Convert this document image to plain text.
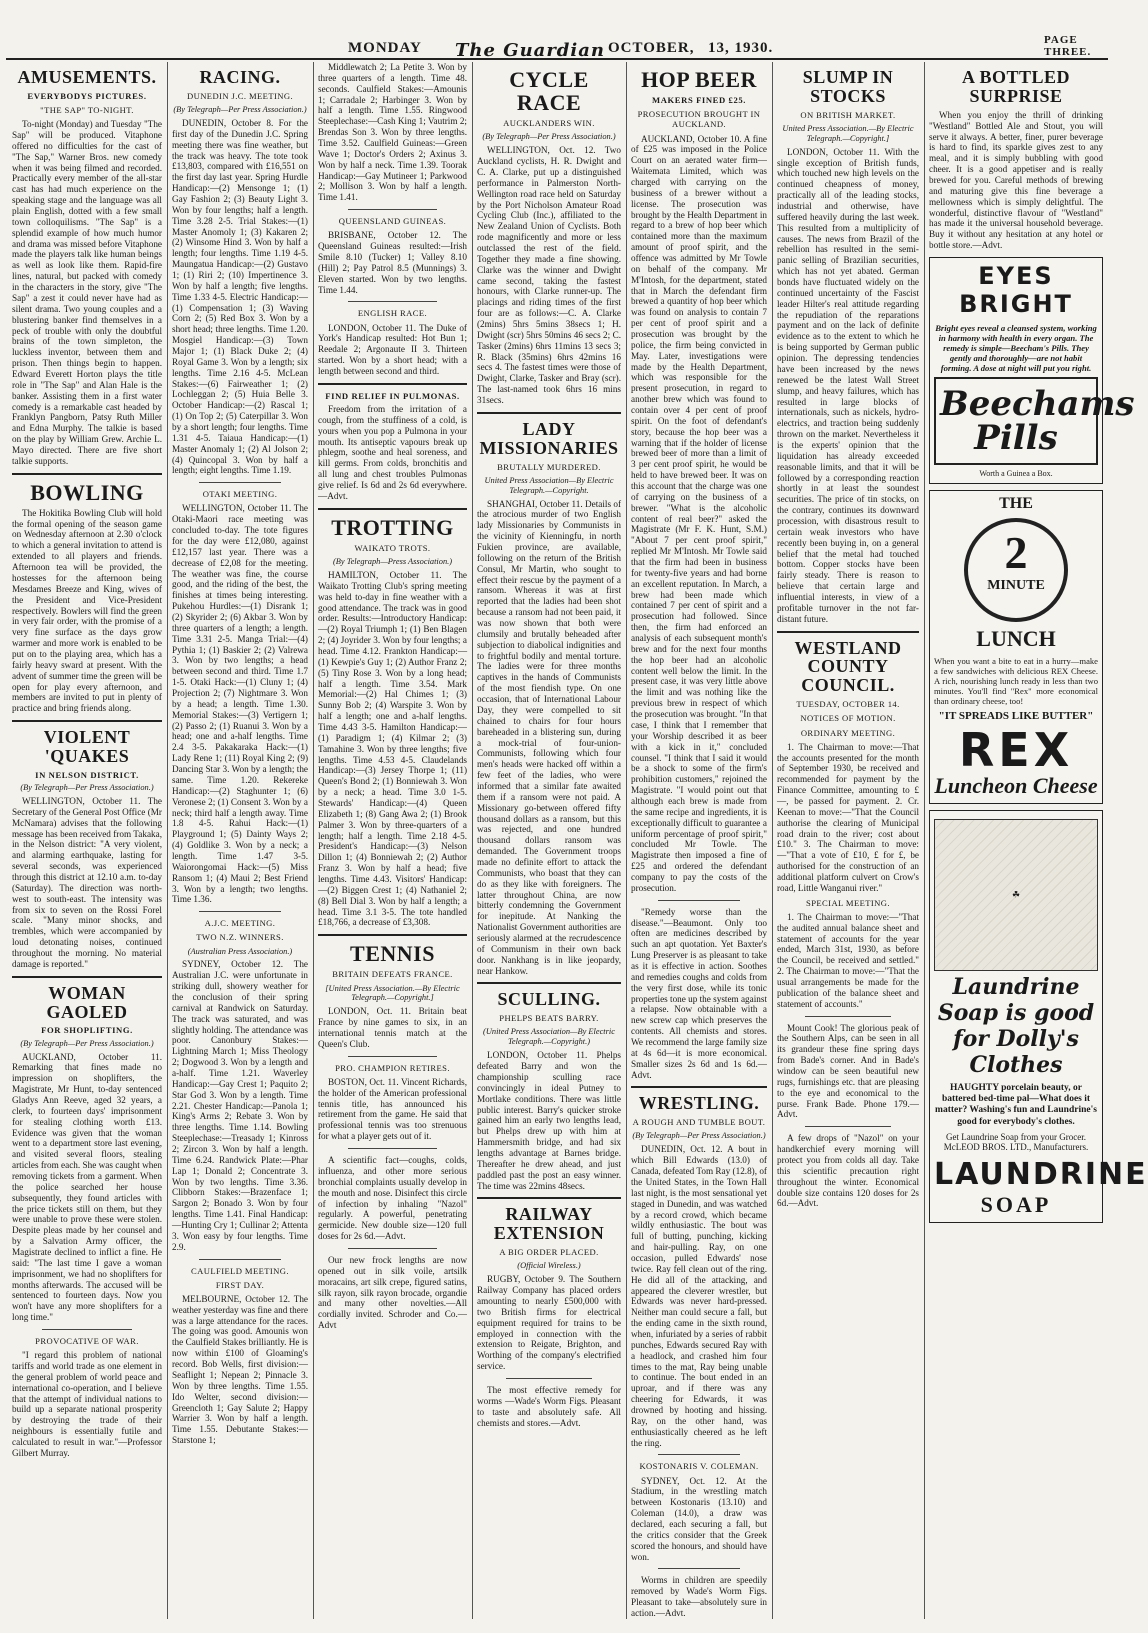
MONDAY The Guardian OCTOBER, 13, 1930.	PAGE THREE.
AMUSEMENTS.
EVERYBODYS PICTURES.
"THE SAP" TO-NIGHT.

To-night (Monday) and Tuesday "The Sap" will be produced. Vitaphone offered no difficulties for the cast of "The Sap," Warner Bros. new comedy when it was being filmed and recorded. Practically every member of the all-star cast has had much experience on the speaking stage and the language was all plain English, dotted with a few small town colloquilisms. "The Sap" is a splendid example of how much humor and drama was missed before Vitaphone made the players talk like human beings as well as look like them. Rapid-fire lines, natural, but packed with comedy in the characters in the story, give "The Sap" a zest it could never have had as silent drama. Two young couples and a blustering banker find themselves in a peck of trouble with only the doubtful brains of the town simpleton, the luckless inventor, between them and prison. Then things begin to happen. Edward Everett Horton plays the title role in "The Sap" and Alan Hale is the banker. Assisting them in a first water comedy is a remarkable cast headed by Franklyn Pangborn, Patsy Ruth Miller and Edna Murphy. The talkie is based on the play by William Grew. Archie L. Mayo directed. There are five short talkie supports.

BOWLING

The Hokitika Bowling Club will hold the formal opening of the season game on Wednesday afternoon at 2.30 o'clock to which a general invitation to attend is extended to all players and friends. Afternoon tea will be provided, the hostesses for the afternoon being Mesdames Breeze and King, wives of the President and Vice-President respectively. Bowlers will find the green in very fair order, with the promise of a very fine surface as the days grow warmer and more work is enabled to be put on to the playing area, which has a fairly heavy sward at present. With the advent of summer time the green will be open for play every afternoon, and members are invited to put in plenty of practice and bring friends along.

VIOLENT 'QUAKES
IN NELSON DISTRICT.
(By Telegraph—Per Press Association.)

WELLINGTON, October 11. The Secretary of the General Post Office (Mr McNamara) advises that the following message has been received from Takaka, in the Nelson district: "A very violent, and alarming earthquake, lasting for several seconds, was experienced through this district at 12.10 a.m. to-day (Saturday). The direction was north-west to south-east. The intensity was from six to seven on the Rossi Forel scale. "Many minor shocks, and trembles, which were accompanied by loud detonating noises, continued throughout the morning. No material damage is reported."

WOMAN GAOLED
FOR SHOPLIFTING.
(By Telegraph—Per Press Association.)

AUCKLAND, October 11. Remarking that fines made no impression on shoplifters, the Magistrate, Mr Hunt, to-day sentenced Gladys Ann Reeve, aged 32 years, a clerk, to fourteen days' imprisonment for stealing clothing worth £13. Evidence was given that the woman went to a department store last evening, and visited several floors, stealing articles from each. She was caught when removing tickets from a garment. When the police searched her house subsequently, they found articles with the price tickets still on them, but they were unable to prove these were stolen. Despite pleas made by her counsel and by a Salvation Army officer, the Magistrate declined to inflict a fine. He said: "The last time I gave a woman imprisonment, we had no shoplifters for months afterwards. The accused will be sentenced to fourteen days. Now you won't have any more shoplifters for a long time."

PROVOCATIVE OF WAR.

"I regard this problem of national tariffs and world trade as one element in the general problem of world peace and international co-operation, and I believe that the attempt of individual nations to build up a separate national prosperity by destroying the trade of their neighbours is essentially futile and calculated to result in war."—Professor Gilbert Murray.

RACING.
DUNEDIN J.C. MEETING.
(By Telegraph—Per Press Association.)

DUNEDIN, October 8. For the first day of the Dunedin J.C. Spring meeting there was fine weather, but the track was heavy. The tote took £13,803, compared with £16,551 on the first day last year. Spring Hurdle Handicap:—(2) Mensonge 1; (1) Gay Fashion 2; (3) Beauty Light 3. Won by four lengths; half a length. Time 3.28 2-5. Trial Stakes:—(1) Master Anomoly 1; (3) Kakaren 2; (2) Winsome Hind 3. Won by half a length; four lengths. Time 1.19 4-5. Maungatua Handicap:—(2) Gustavo 1; (1) Riri 2; (10) Impertinence 3. Won by half a length; five lengths. Time 1.33 4-5. Electric Handicap:—(1) Compensation 1; (3) Waving Corn 2; (5) Red Box 3. Won by a short head; three lengths. Time 1.20. Mosgiel Handicap:—(3) Town Major 1; (1) Black Duke 2; (4) Royal Game 3. Won by a length; six lengths. Time 2.16 4-5. McLean Stakes:—(6) Fairweather 1; (2) Lochleggan 2; (5) Huia Belle 3. October Handicap:—(2) Rascal 1; (1) On Top 2; (5) Caterpillar 3. Won by a short length; four lengths. Time 1.31 4-5. Taiaua Handicap:—(1) Master Anomaly 1; (2) Al Jolson 2; (4) Quincopal 3. Won by half a length; eight lengths. Time 1.19.

OTAKI MEETING.

WELLINGTON, October 11. The Otaki-Maori race meeting was concluded to-day. The tote figures for the day were £12,080, against £12,157 last year. There was a decrease of £2,08 for the meeting. The weather was fine, the course good, and the riding of the best, the finishes at times being interesting. Pukehou Hurdles:—(1) Disrank 1; (2) Skyrider 2; (6) Akbar 3. Won by three quarters of a length; a length. Time 3.31 2-5. Manga Trial:—(4) Pythia 1; (1) Baskier 2; (2) Valrewa 3. Won by two lengths; a head between second and third. Time 1.7 1-5. Otaki Hack:—(1) Cluny 1; (4) Projection 2; (7) Nightmare 3. Won by a head; a length. Time 1.30. Memorial Stakes:—(3) Vertigern 1; (2) Passo 2; (1) Ruanui 3. Won by a head; one and a-half lengths. Time 2.4 3-5. Pakakaraka Hack:—(1) Lady Rene 1; (11) Royal King 2; (9) Dancing Star 3. Won by a length; the same. Time 1.20. Rekereke Handicap:—(2) Staghunter 1; (6) Veronese 2; (1) Consent 3. Won by a neck; third half a length away. Time 1.8 4-5. Rahui Hack:—(1) Playground 1; (5) Dainty Ways 2; (4) Goldlike 3. Won by a neck; a length. Time 1.47 3-5. Waiorongomai Hack:—(5) Miss Ransom 1; (4) Maui 2; Best Friend 3. Won by a length; two lengths. Time 1.36.

A.J.C. MEETING.
TWO N.Z. WINNERS.
(Australian Press Association.)

SYDNEY, October 12. The Australian J.C. were unfortunate in striking dull, showery weather for the conclusion of their spring carnival at Randwick on Saturday. The track was saturated, and was slightly holding. The attendance was poor. Canonbury Stakes:—Lightning March 1; Miss Theology 2; Dogwood 3. Won by a length and a-half. Time 1.21. Waverley Handicap:—Gay Crest 1; Paquito 2; Star God 3. Won by a length. Time 2.21. Chester Handicap:—Panola 1; King's Arms 2; Rebate 3. Won by three lengths. Time 1.14. Bowling Steeplechase:—Treasady 1; Kinross 2; Zircon 3. Won by half a length. Time 6.24. Randwick Plate:—Phar Lap 1; Donald 2; Concentrate 3. Won by two lengths. Time 3.36. Clibborn Stakes:—Brazenface 1; Sargon 2; Bonado 3. Won by four lengths. Time 1.41. Final Handicap:—Hunting Cry 1; Cullinar 2; Attenta 3. Won easy by four lengths. Time 2.9.

CAULFIELD MEETING.
FIRST DAY.

MELBOURNE, October 12. The weather yesterday was fine and there was a large attendance for the races. The going was good. Amounis won the Caulfield Stakes brilliantly. He is now within £100 of Gloaming's record. Bob Wells, first division:—Seaflight 1; Nepean 2; Pinnacle 3. Won by three lengths. Time 1.55. Ido Welter, second division:—Greencloth 1; Gay Salute 2; Happy Warrier 3. Won by half a length. Time 1.55. Debutante Stakes:—Starstone 1;

Middlewatch 2; La Petite 3. Won by three quarters of a length. Time 48. seconds. Caulfield Stakes:—Amounis 1; Carradale 2; Harbinger 3. Won by half a length. Time 1.55. Ringwood Steeplechase:—Cash King 1; Vautrim 2; Brendas Son 3. Won by three lengths. Time 3.52. Caulfield Guineas:—Green Wave 1; Doctor's Orders 2; Axinus 3. Won by half a neck. Time 1.39. Toorak Handicap:—Gay Mutineer 1; Parkwood 2; Mollison 3. Won by half a length. Time 1.41.

QUEENSLAND GUINEAS.

BRISBANE, October 12. The Queensland Guineas resulted:—Irish Smile 8.10 (Tucker) 1; Valley 8.10 (Hill) 2; Pay Patrol 8.5 (Munnings) 3. Eleven started. Won by two lengths. Time 1.44.

ENGLISH RACE.

LONDON, October 11. The Duke of York's Handicap resulted: Hot Bun 1; Reedale 2; Argonaute II 3. Thirteen started. Won by a short head; with a length between second and third.

FIND RELIEF IN PULMONAS.

Freedom from the irritation of a cough, from the stuffiness of a cold, is yours when you pop a Pulmona in your mouth. Its antiseptic vapours break up phlegm, soothe and heal soreness, and kill germs. From colds, bronchitis and all lung and chest troubles Pulmonas give relief. Is 6d and 2s 6d everywhere.—Advt.

TROTTING
WAIKATO TROTS.
(By Telegraph—Press Association.)

HAMILTON, October 11. The Waikato Trotting Club's spring meeting was held to-day in fine weather with a good attendance. The track was in good order. Results:—Introductory Handicap:—(2) Royal Triumph 1; (1) Ben Blagen 2; (4) Joyrider 3. Won by four lengths; a head. Time 4.12. Frankton Handicap:—(1) Kewpie's Guy 1; (2) Author Franz 2; (5) Tiny Rose 3. Won by a long head; half a length. Time 3.54. Mark Memorial:—(2) Hal Chimes 1; (3) Sunny Bob 2; (4) Warspite 3. Won by half a length; one and a-half lengths. Time 4.43 3-5. Hamilton Handicap:—(1) Paradigm 1; (4) Kilmar 2; (3) Tamahine 3. Won by three lengths; five lengths. Time 4.53 4-5. Claudelands Handicap:—(3) Jersey Thorpe 1; (11) Queen's Bond 2; (1) Bonniewah 3. Won by a neck; a head. Time 3.0 1-5. Stewards' Handicap:—(4) Queen Elizabeth 1; (8) Gang Awa 2; (1) Brook Palmer 3. Won by three-quarters of a length; half a length. Time 2.18 4-5. President's Handicap:—(3) Nelson Dillon 1; (4) Bonniewah 2; (2) Author Franz 3. Won by half a head; five lengths. Time 4.43. Visitors' Handicap:—(2) Biggen Crest 1; (4) Nathaniel 2; (8) Bell Dial 3. Won by half a length; a head. Time 3.1 3-5. The tote handled £18,766, a decrease of £3,308.

TENNIS
BRITAIN DEFEATS FRANCE.
[United Press Association.—By Electric Telegraph.—Copyright.]

LONDON, Oct. 11. Britain beat France by nine games to six, in an international tennis match at the Queen's Club.

PRO. CHAMPION RETIRES.

BOSTON, Oct. 11. Vincent Richards, the holder of the American professional tennis title, has announced his retirement from the game. He said that professional tennis was too strenuous for what a player gets out of it.

A scientific fact—coughs, colds, influenza, and other more serious bronchial complaints usually develop in the mouth and nose. Disinfect this circle of infection by inhaling "Nazol" regularly. A powerful, penetrating germicide. New double size—120 full doses for 2s 6d.—Advt.

Our new frock lengths are now opened out in silk voile, artsilk moracains, art silk crepe, figured satins, silk rayon, silk rayon brocade, organdie and many other novelties.—All cordially invited. Schroder and Co.—Advt

CYCLE RACE
AUCKLANDERS WIN.
(By Telegraph—Per Press Association.)

WELLINGTON, Oct. 12. Two Auckland cyclists, H. R. Dwight and C. A. Clarke, put up a distinguished performance in Palmerston North-Wellington road race held on Saturday by the Port Nicholson Amateur Road Cycling Club (Inc.), affiliated to the New Zealand Union of Cyclists. Both rode magnificently and more or less outclassed the rest of the field. Together they made a fine showing. Clarke was the winner and Dwight came second, taking the fastest honours, with Clarke runner-up. The placings and riding times of the first four are as follows:—C. A. Clarke (2mins) 5hrs 5mins 38secs 1; H. Dwight (scr) 5hrs 50mins 46 secs 2; C. Tasker (2mins) 6hrs 11mins 13 secs 3; R. Black (35mins) 6hrs 42mins 16 secs 4. The fastest times were those of Dwight, Clarke, Tasker and Bray (scr). The last-named took 6hrs 16 mins 31secs.

LADY MISSIONARIES
BRUTALLY MURDERED.
United Press Association—By Electric Telegraph.—Copyright.

SHANGHAI, October 11. Details of the atrocious murder of two English lady Missionaries by Communists in the vicinity of Kienningfu, in north Fukien province, are available, following on the return of the British Consul, Mr Martin, who sought to effect their rescue by the payment of a ransom. Whereas it was at first reported that the ladies had been shot because a ransom had not been paid, it was now shown that both were clumsily and brutally beheaded after subjection to diabolical indignities and to frightful bodily and mental torture. The ladies were for three months captives in the hands of Communists of the most fiendish type. On one occasion, that of International Labour Day, they were compelled to sit chained to chairs for four hours bareheaded in a blistering sun, during a mock-trial of four-union-Communists, following which four men's heads were hacked off within a few feet of the ladies, who were informed that a similar fate awaited them if a ransom were not paid. A Missionary go-between offered fifty thousand dollars as a ransom, but this was rejected, and one hundred thousand dollars ransom was demanded. The Government troops made no definite effort to attack the Communists, who boast that they can do as they like with foreigners. The latter throughout China, are now bitterly condemning the Government for inepitude. At Nanking the Nationalist Government authorities are seriously alarmed at the recrudescence of Communism in their own back door. Nankhang is in like jeopardy, near Hankow.

SCULLING.
PHELPS BEATS BARRY.
(United Press Association—By Electric Telegraph.—Copyright.)

LONDON, October 11. Phelps defeated Barry and won the championship sculling race convincingly in ideal Putney to Mortlake conditions. There was little public interest. Barry's quicker stroke gained him an early two lengths lead, but Phelps drew up with him at Hammersmith bridge, and had six lengths advantage at Barnes bridge. Thereafter he drew ahead, and just paddled past the post an easy winner. The time was 22mins 48secs.

RAILWAY EXTENSION
A BIG ORDER PLACED.
(Official Wireless.)

RUGBY, October 9. The Southern Railway Company has placed orders amounting to nearly £500,000 with two British firms for electrical equipment required for trains to be employed in connection with the extension to Reigate, Brighton, and Worthing of the company's electrified service.

The most effective remedy for worms —Wade's Worm Figs. Pleasant to taste and absolutely safe. All chemists and stores.—Advt.

HOP BEER
MAKERS FINED £25.
PROSECUTION BROUGHT IN AUCKLAND.

AUCKLAND, October 10. A fine of £25 was imposed in the Police Court on an aerated water firm—Waitemata Limited, which was charged with carrying on the business of a brewer without a license. The prosecution was brought by the Health Department in regard to a brew of hop beer which contained more than the maximum amount of proof spirit, and the offence was admitted by Mr Towle on behalf of the company. Mr M'Intosh, for the department, stated that in March the defendant firm brewed a quantity of hop beer which was found on analysis to contain 7 per cent of proof spirit and a prosecution was brought by the police, the firm being convicted in May. Later, investigations were made by the Health Department, which was responsible for the present prosecution, in regard to another brew which was found to contain over 4 per cent of proof spirit. On the foot of defendant's story, because the hop beer was a warning that if the holder of license brewed beer of more than a limit of 3 per cent proof spirit, he would be held to have brewed beer. It was on this account that the charge was one of carrying on the business of a brewer. "What is the alcoholic content of real beer?" asked the Magistrate (Mr F. K. Hunt, S.M.) "About 7 per cent proof spirit," replied Mr M'Intosh. Mr Towle said that the firm had been in business for twenty-five years and had borne an excellent reputation. In March, a brew had been made which contained 7 per cent of spirit and a prosecution had followed. Since then, the firm had enforced an analysis of each subsequent month's brew and for the next four months the hop beer had an alcoholic content well below the limit. In the present case, it was very little above the limit and was nothing like the previous brew in respect of which the prosecution was brought. "In that case, I think that I remember that your Worship described it as beer with a kick in it," concluded counsel. "I think that I said it would be a shock to some of the firm's prohibition customers," rejoined the Magistrate. "I would point out that although each brew is made from the same recipe and ingredients, it is exceptionally difficult to guarantee a uniform percentage of proof spirit," concluded Mr Towle. The Magistrate then imposed a fine of £25 and ordered the defendant company to pay the costs of the prosecution.

"Remedy worse than the disease."—Beaumont. Only too often are medicines described by such an apt quotation. Yet Baxter's Lung Preserver is as pleasant to take as it is effective in action. Soothes and remedies coughs and colds from the very first dose, while its tonic properties tone up the system against a relapse. Now obtainable with a new screw cap which preserves the contents. All chemists and stores. We recommend the large family size at 4s 6d—it is more economical. Smaller sizes 2s 6d and 1s 6d.—Advt.

WRESTLING.
A ROUGH AND TUMBLE BOUT.
(By Telegraph—Per Press Association.)

DUNEDIN, Oct. 12. A bout in which Bill Edwards (13.0) of Canada, defeated Tom Ray (12.8), of the United States, in the Town Hall last night, is the most sensational yet staged in Dunedin, and was watched by a record crowd, which became wildly enthusiastic. The bout was full of butting, punching, kicking and hair-pulling. Ray, on one occasion, pulled Edwards' nose twice. Ray fell clean out of the ring. He did all of the attacking, and appeared the cleverer wrestler, but Edwards was never hard-pressed. Neither man could secure a fall, but the ending came in the sixth round, when, infuriated by a series of rabbit punches, Edwards secured Ray with a headlock, and crashed him four times to the mat, Ray being unable to continue. The bout ended in an uproar, and if there was any cheering for Edwards, it was drowned by hooting and hissing. Ray, on the other hand, was enthusiastically cheered as he left the ring.

KOSTONARIS V. COLEMAN.

SYDNEY, Oct. 12. At the Stadium, in the wrestling match between Kostonaris (13.10) and Coleman (14.0), a draw was declared, each securing a fall, but the critics consider that the Greek scored the honours, and should have won.

Worms in children are speedily removed by Wade's Worm Figs. Pleasant to take—absolutely sure in action.—Advt.

SLUMP IN STOCKS
ON BRITISH MARKET.
United Press Association.—By Electric Telegraph.—Copyright.]

LONDON, October 11. With the single exception of British funds, which touched new high levels on the continued cheapness of money, practically all of the leading stocks, industrial and otherwise, have suffered heavily during the last week. This resulted from a multiplicity of causes. The news from Brazil of the rebellion has resulted in the semi-panic selling of Brazilian securities, which has not yet abated. German bonds have fluctuated widely on the continued uncertainty of the Fascist leader Hilter's real attitude regarding the repudiation of the reparations payment and on the lack of definite evidence as to the extent to which he is being supported by German public opinion. The depressing tendencies have been increased by the news renewed be the latest Wall Street slump, and heavy failures, which has resulted in large blocks of internationals, such as nickels, hydro-electrics, and traction being suddenly thrown on the market. Nevertheless it is the experts' opinion that the liquidation has already exceeded reasonable limits, and that it will be followed by a corresponding reaction shortly in at least the soundest securities. The price of tin stocks, on the contrary, continues its downward procession, with disastrous result to certain weak investors who have recently been buying in, on a general belief that the metal had touched bottom. Copper stocks have been fairly steady. There is reason to believe that certain large and influential interests, in view of a profitable turnover in the not far-distant future.

WESTLAND COUNTY COUNCIL.
TUESDAY, OCTOBER 14.
NOTICES OF MOTION.
ORDINARY MEETING.

1. The Chairman to move:—That the accounts presented for the month of September 1930, be received and recommended for payment by the Finance Committee, amounting to £—, be passed for payment. 2. Cr. Keenan to move:—"That the Council authorise the clearing of Municipal road drain to the river; cost about £10." 3. The Chairman to move:—"That a vote of £10, £ for £, be authorised for the construction of an additional platform culvert on Crow's road, Little Wanganui river."

SPECIAL MEETING.

1. The Chairman to move:—"That the audited annual balance sheet and statement of accounts for the year ended, March 31st, 1930, as before the Council, be received and settled." 2. The Chairman to move:—"That the usual arrangements be made for the publication of the balance sheet and statement of accounts."

Mount Cook! The glorious peak of the Southern Alps, can be seen in all its grandeur these fine spring days from Bade's corner. And in Bade's window can be seen beautiful new rugs, furnishings etc. that are pleasing to the eye and economical to the purse. Frank Bade. Phone 179.—Advt.

A few drops of "Nazol" on your handkerchief every morning will protect you from colds all day. Take this scientific precaution right throughout the winter. Economical double size contains 120 doses for 2s 6d.—Advt.

A BOTTLED SURPRISE

When you enjoy the thrill of drinking "Westland" Bottled Ale and Stout, you will serve it always. A better, finer, purer beverage is hard to find, its sparkle gives zest to any meal, and it is simply bubbling with good cheer. It is a good appetiser and is really brewed for you. Careful methods of brewing and maturing give this fine beverage a mellowness which is simply delightful. The wonderful, distinctive flavour of "Westland" has made it the universal household beverage. Buy it without any hesitation at any hotel or bottle store.—Advt.

EYES BRIGHT
Bright eyes reveal a cleansed system, working in harmony with health in every organ. The remedy is simple—Beecham's Pills. They gently and thoroughly—are not habit forming. A dose at night will put you right.
Beechams Pills
Worth a Guinea a Box.
THE
2
MINUTE
LUNCH
When you want a bite to eat in a hurry—make a few sandwiches with delicious REX Cheese. A rich, nourishing lunch ready in less than two minutes. You'll find "Rex" more economical than ordinary cheese, too!
"IT SPREADS LIKE BUTTER"
REX
Luncheon Cheese
☘
Laundrine Soap is good for Dolly's Clothes
HAUGHTY porcelain beauty, or battered bed-time pal—What does it matter? Washing's fun and Laundrine's good for everybody's clothes.
Get Laundrine Soap from your Grocer. McLEOD BROS. LTD., Manufacturers.
LAUNDRINE
SOAP
